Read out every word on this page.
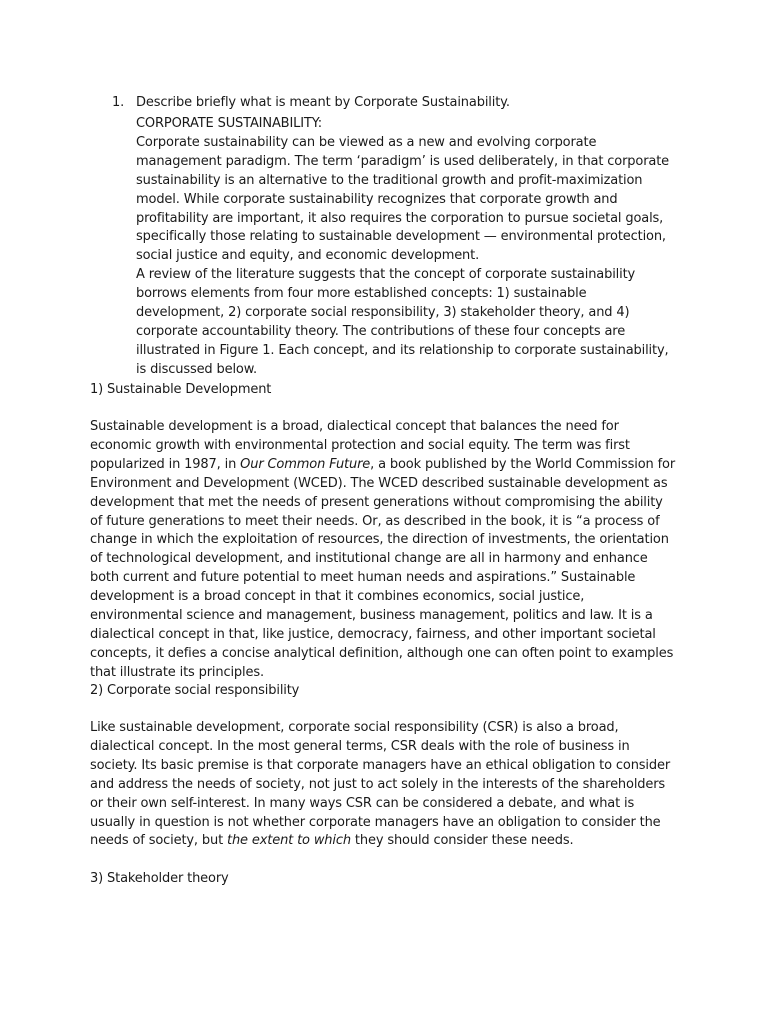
1. Describe briefly what is meant by Corporate Sustainability.

CORPORATE SUSTAINABILITY:

Corporate sustainability can be viewed as a new and evolving corporate management paradigm. The term ‘paradigm’ is used deliberately, in that corporate sustainability is an alternative to the traditional growth and profit-maximization model. While corporate sustainability recognizes that corporate growth and profitability are important, it also requires the corporation to pursue societal goals, specifically those relating to sustainable development — environmental protection, social justice and equity, and economic development.

A review of the literature suggests that the concept of corporate sustainability borrows elements from four more established concepts: 1) sustainable development, 2) corporate social responsibility, 3) stakeholder theory, and 4) corporate accountability theory. The contributions of these four concepts are illustrated in Figure 1. Each concept, and its relationship to corporate sustainability, is discussed below.

1) Sustainable Development

Sustainable development is a broad, dialectical concept that balances the need for economic growth with environmental protection and social equity. The term was first popularized in 1987, in Our Common Future, a book published by the World Commission for Environment and Development (WCED). The WCED described sustainable development as development that met the needs of present generations without compromising the ability of future generations to meet their needs. Or, as described in the book, it is “a process of change in which the exploitation of resources, the direction of investments, the orientation of technological development, and institutional change are all in harmony and enhance both current and future potential to meet human needs and aspirations.” Sustainable development is a broad concept in that it combines economics, social justice, environmental science and management, business management, politics and law. It is a dialectical concept in that, like justice, democracy, fairness, and other important societal concepts, it defies a concise analytical definition, although one can often point to examples that illustrate its principles.

2) Corporate social responsibility

Like sustainable development, corporate social responsibility (CSR) is also a broad, dialectical concept. In the most general terms, CSR deals with the role of business in society. Its basic premise is that corporate managers have an ethical obligation to consider and address the needs of society, not just to act solely in the interests of the shareholders or their own self-interest. In many ways CSR can be considered a debate, and what is usually in question is not whether corporate managers have an obligation to consider the needs of society, but the extent to which they should consider these needs.

3) Stakeholder theory
